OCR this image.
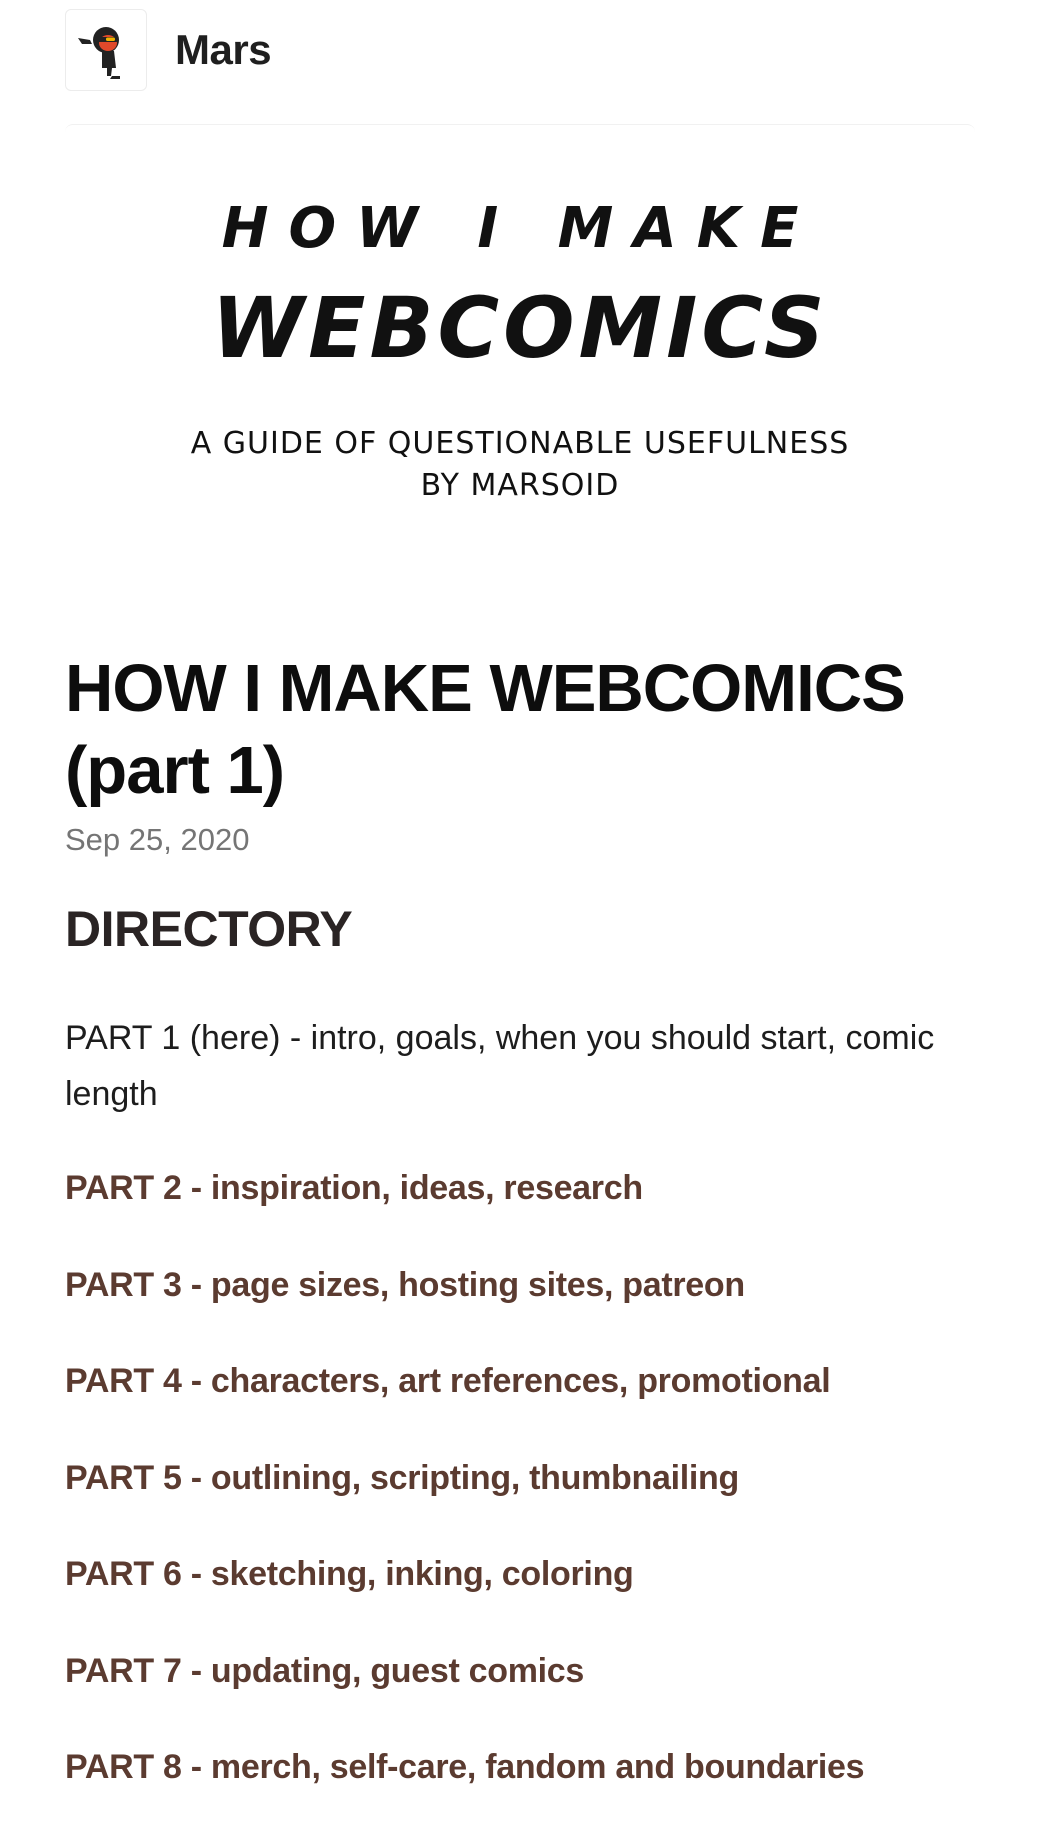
Mars
HOW I MAKE
WEBCOMICS
A GUIDE OF QUESTIONABLE USEFULNESS
BY MARSOID
HOW I MAKE WEBCOMICS (part 1)
Sep 25, 2020
DIRECTORY

PART 1 (here) - intro, goals, when you should start, comic length

PART 2 - inspiration, ideas, research
PART 3 - page sizes, hosting sites, patreon
PART 4 - characters, art references, promotional
PART 5 - outlining, scripting, thumbnailing
PART 6 - sketching, inking, coloring
PART 7 - updating, guest comics
PART 8 - merch, self-care, fandom and boundaries
